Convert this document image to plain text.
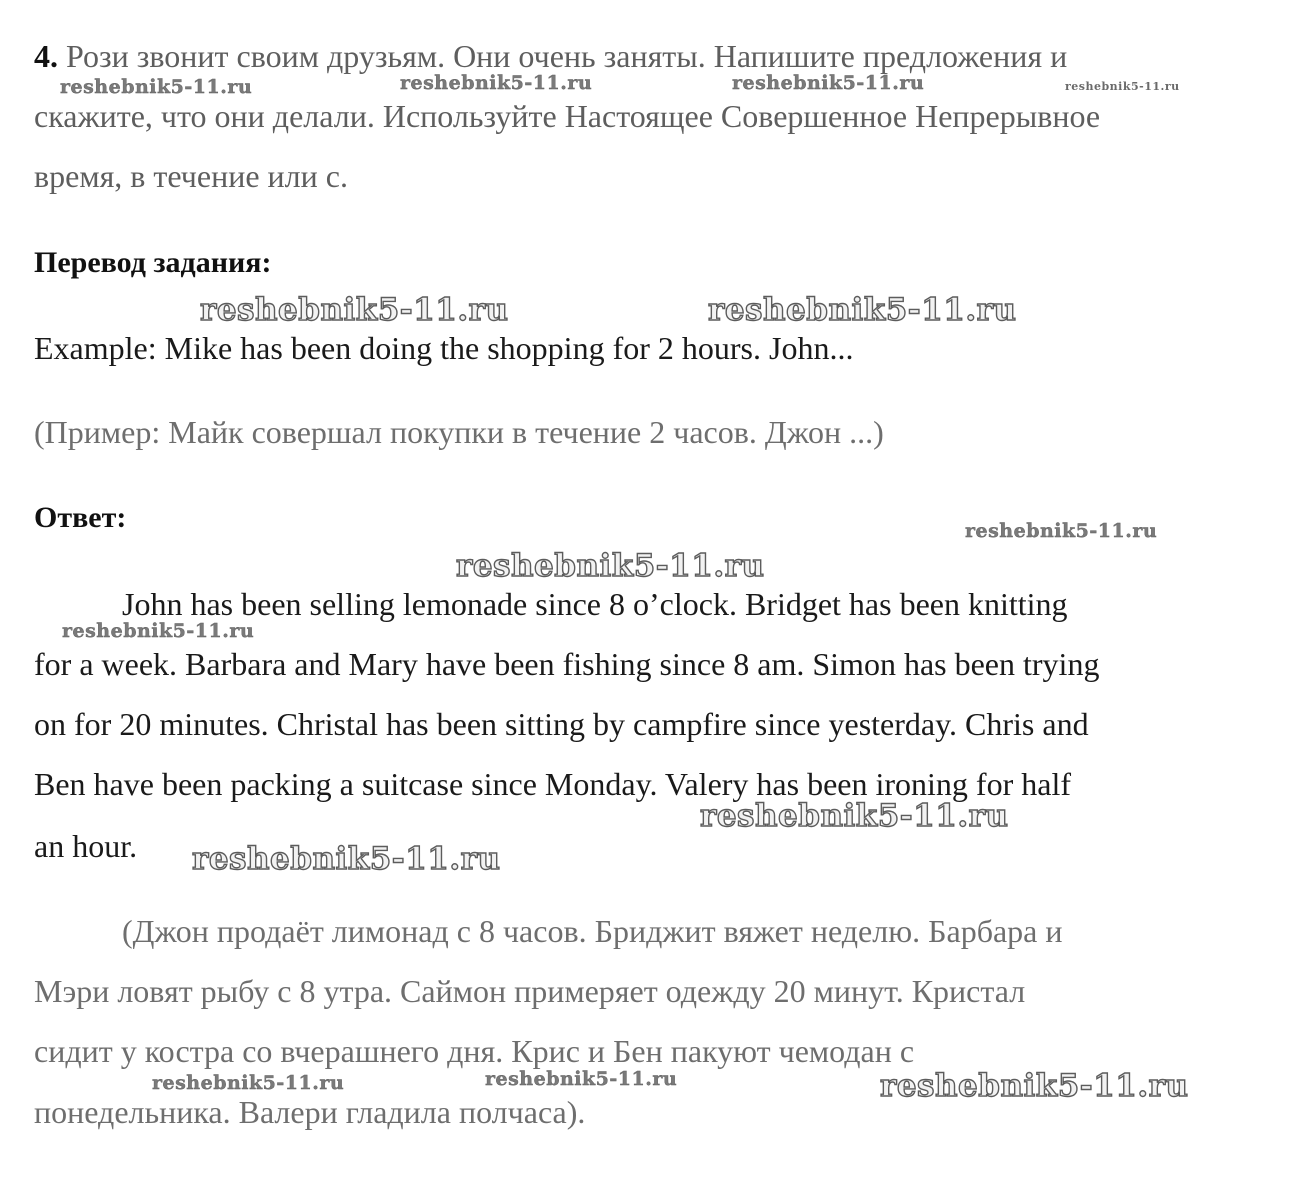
4. Рози звонит своим друзьям. Они очень заняты. Напишите предложения и
скажите, что они делали. Используйте Настоящее Совершенное Непрерывное
время, в течение или с.
Перевод задания:
Example: Mike has been doing the shopping for 2 hours. John...
(Пример: Майк совершал покупки в течение 2 часов. Джон ...)
Ответ:
John has been selling lemonade since 8 o’clock. Bridget has been knitting
for a week. Barbara and Mary have been fishing since 8 am. Simon has been trying
on for 20 minutes. Christal has been sitting by campfire since yesterday. Chris and
Ben have been packing a suitcase since Monday. Valery has been ironing for half
an hour.
(Джон продаёт лимонад с 8 часов. Бриджит вяжет неделю. Барбара и
Мэри ловят рыбу с 8 утра. Саймон примеряет одежду 20 минут. Кристал
сидит у костра со вчерашнего дня. Крис и Бен пакуют чемодан с
понедельника. Валери гладила полчаса).
reshebnik5-11.ru	reshebnik5-11.ru	reshebnik5-11.ru	reshebnik5-11.ru
reshebnik5-11.ru	reshebnik5-11.ru
reshebnik5-11.ru
reshebnik5-11.ru
reshebnik5-11.ru
reshebnik5-11.ru
reshebnik5-11.ru
reshebnik5-11.ru	reshebnik5-11.ru	reshebnik5-11.ru
